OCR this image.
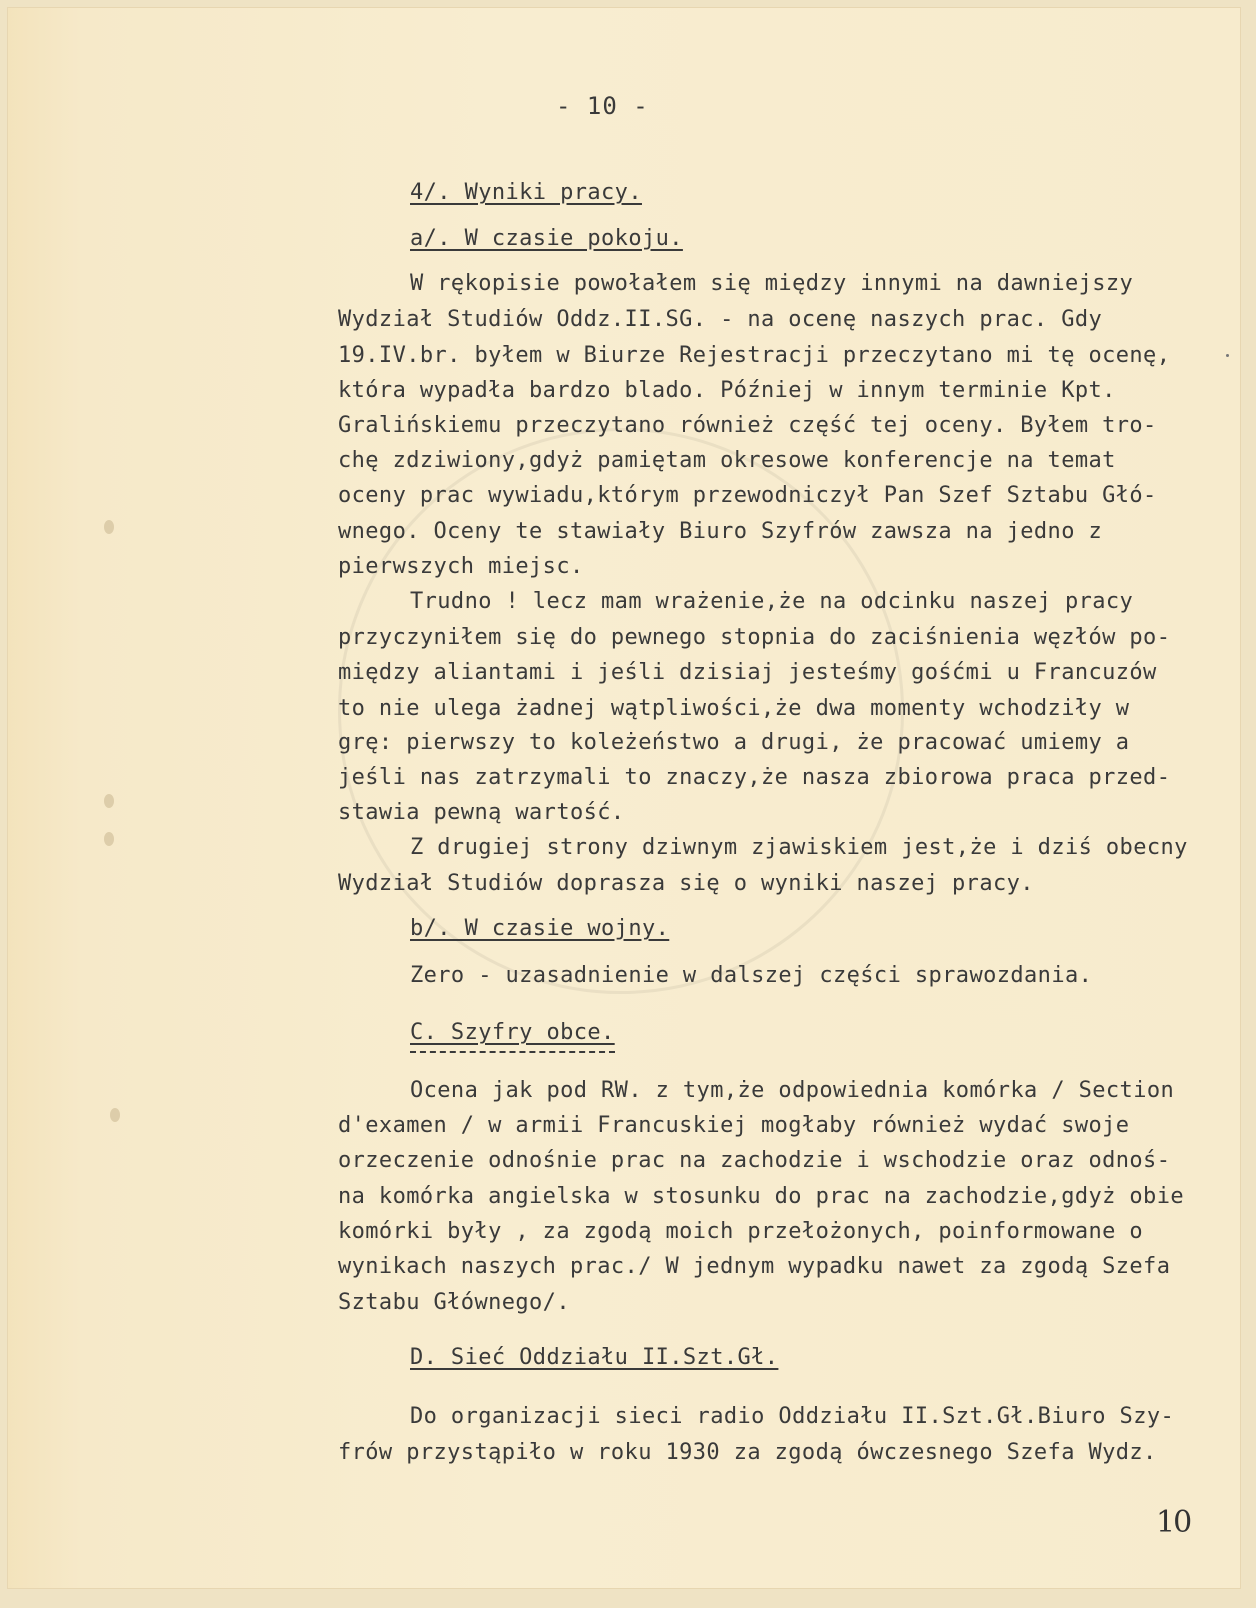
- 10 -
4/. Wyniki pracy.
a/. W czasie pokoju.
W rękopisie powołałem się między innymi na dawniejszy
Wydział Studiów Oddz.II.SG. - na ocenę naszych prac. Gdy
19.IV.br. byłem w Biurze Rejestracji przeczytano mi tę ocenę,
która wypadła bardzo blado. Później w innym terminie Kpt.
Gralińskiemu przeczytano również część tej oceny. Byłem tro-
chę zdziwiony,gdyż pamiętam okresowe konferencje na temat
oceny prac wywiadu,którym przewodniczył Pan Szef Sztabu Głó-
wnego. Oceny te stawiały Biuro Szyfrów zawsza na jedno z
pierwszych miejsc.
Trudno ! lecz mam wrażenie,że na odcinku naszej pracy
przyczyniłem się do pewnego stopnia do zaciśnienia węzłów po-
między aliantami i jeśli dzisiaj jesteśmy gośćmi u Francuzów
to nie ulega żadnej wątpliwości,że dwa momenty wchodziły w
grę: pierwszy to koleżeństwo a drugi, że pracować umiemy a
jeśli nas zatrzymali to znaczy,że nasza zbiorowa praca przed-
stawia pewną wartość.
Z drugiej strony dziwnym zjawiskiem jest,że i dziś obecny
Wydział Studiów doprasza się o wyniki naszej pracy.
b/. W czasie wojny.
Zero - uzasadnienie w dalszej części sprawozdania.
C. Szyfry obce.
Ocena jak pod RW. z tym,że odpowiednia komórka / Section
d'examen / w armii Francuskiej mogłaby również wydać swoje
orzeczenie odnośnie prac na zachodzie i wschodzie oraz odnoś-
na komórka angielska w stosunku do prac na zachodzie,gdyż obie
komórki były , za zgodą moich przełożonych, poinformowane o
wynikach naszych prac./ W jednym wypadku nawet za zgodą Szefa
Sztabu Głównego/.
D. Sieć Oddziału II.Szt.Gł.
Do organizacji sieci radio Oddziału II.Szt.Gł.Biuro Szy-
frów przystąpiło w roku 1930 za zgodą ówczesnego Szefa Wydz.
10
